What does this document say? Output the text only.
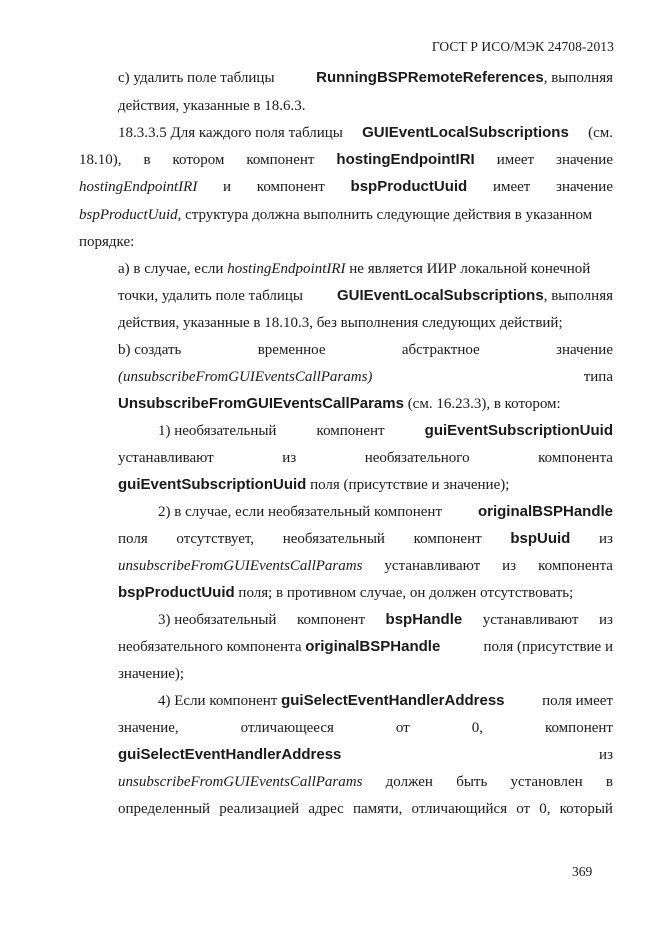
ГОСТ Р ИСО/МЭК 24708-2013
c) удалить поле таблицы	RunningBSPRemoteReferences, выполняя
действия, указанные в 18.6.3.
18.3.3.5 Для каждого поля таблицы GUIEventLocalSubscriptions (см.
18.10), в котором компонент hostingEndpointIRI имеет значение
hostingEndpointIRI и компонент bspProductUuid имеет значение
bspProductUuid, структура должна выполнить следующие действия в указанном
порядке:
a) в случае, если hostingEndpointIRI не является ИИР локальной конечной
точки, удалить поле таблицы GUIEventLocalSubscriptions, выполняя
действия, указанные в 18.10.3, без выполнения следующих действий;
b) создать	временное	абстрактное	значение
(unsubscribeFromGUIEventsCallParams)	типа
UnsubscribeFromGUIEventsCallParams (см. 16.23.3), в котором:
1) необязательный	компонент	guiEventSubscriptionUuid
устанавливают	из	необязательного	компонента
guiEventSubscriptionUuid поля (присутствие и значение);
2) в случае, если необязательный компонент originalBSPHandle
поля отсутствует, необязательный компонент bspUuid из
unsubscribeFromGUIEventsCallParams устанавливают из компонента
bspProductUuid поля; в противном случае, он должен отсутствовать;
3) необязательный компонент bspHandle устанавливают из
необязательного компонента originalBSPHandle	поля (присутствие и
значение);
4) Если компонент guiSelectEventHandlerAddress	поля имеет
значение,	отличающееся	от	0,	компонент
guiSelectEventHandlerAddress	из
unsubscribeFromGUIEventsCallParams должен быть установлен в
определенный реализацией адрес памяти, отличающийся от 0, который
369
